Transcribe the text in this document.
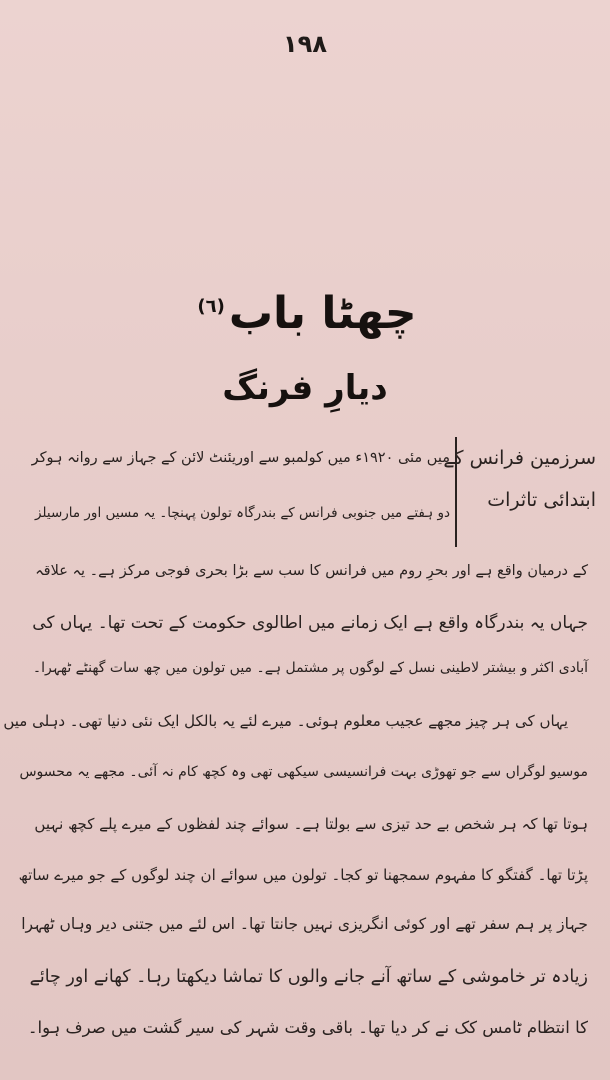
١٩٨
چھٹا باب$^{(٦)}$
دیارِ فرنگ
سرزمین فرانس کے
ابتدائی تاثرات
میں مئی ۱۹۲۰ء میں کولمبو سے اوریئنٹ لائن کے جہاز سے روانہ ہوکر
دو ہفتے میں جنوبی فرانس کے بندرگاہ تولون پہنچا۔ یہ مسیں اور مارسیلز
کے درمیان واقع ہے اور بحرِ روم میں فرانس کا سب سے بڑا بحری فوجی مرکز ہے۔ یہ علاقہ
جہاں یہ بندرگاہ واقع ہے ایک زمانے میں اطالوی حکومت کے تحت تھا۔ یہاں کی
آبادی اکثر و بیشتر لاطینی نسل کے لوگوں پر مشتمل ہے۔ میں تولون میں چھ سات گھنٹے ٹھہرا۔
یہاں کی ہر چیز مجھے عجیب معلوم ہوئی۔ میرے لئے یہ بالکل ایک نئی دنیا تھی۔ دہلی میں
موسیو لوگراں سے جو تھوڑی بہت فرانسیسی سیکھی تھی وہ کچھ کام نہ آئی۔ مجھے یہ محسوس
ہوتا تھا کہ ہر شخص بے حد تیزی سے بولتا ہے۔ سوائے چند لفظوں کے میرے پلے کچھ نہیں
پڑتا تھا۔ گفتگو کا مفہوم سمجھنا تو کجا۔ تولون میں سوائے ان چند لوگوں کے جو میرے ساتھ
جہاز پر ہم سفر تھے اور کوئی انگریزی نہیں جانتا تھا۔ اس لئے میں جتنی دیر وہاں ٹھہرا
زیادہ تر خاموشی کے ساتھ آنے جانے والوں کا تماشا دیکھتا رہا۔ کھانے اور چائے
کا انتظام ٹامس کک نے کر دیا تھا۔ باقی وقت شہر کی سیر گشت میں صرف ہوا۔
